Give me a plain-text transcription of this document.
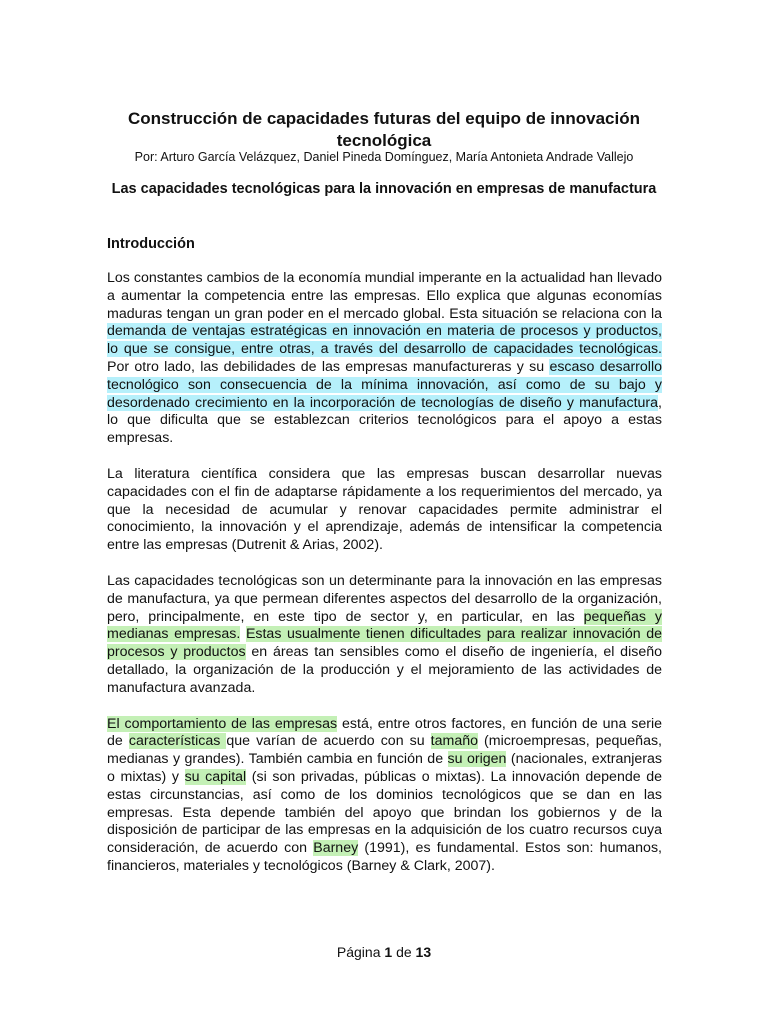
Construcción de capacidades futuras del equipo de innovación tecnológica

Por: Arturo García Velázquez, Daniel Pineda Domínguez, María Antonieta Andrade Vallejo

Las capacidades tecnológicas para la innovación en empresas de manufactura
Introducción

Los constantes cambios de la economía mundial imperante en la actualidad han llevado a aumentar la competencia entre las empresas. Ello explica que algunas economías maduras tengan un gran poder en el mercado global. Esta situación se relaciona con la demanda de ventajas estratégicas en innovación en materia de procesos y productos, lo que se consigue, entre otras, a través del desarrollo de capacidades tecnológicas. Por otro lado, las debilidades de las empresas manufactureras y su escaso desarrollo tecnológico son consecuencia de la mínima innovación, así como de su bajo y desordenado crecimiento en la incorporación de tecnologías de diseño y manufactura, lo que dificulta que se establezcan criterios tecnológicos para el apoyo a estas empresas.

La literatura científica considera que las empresas buscan desarrollar nuevas capacidades con el fin de adaptarse rápidamente a los requerimientos del mercado, ya que la necesidad de acumular y renovar capacidades permite administrar el conocimiento, la innovación y el aprendizaje, además de intensificar la competencia entre las empresas (Dutrenit & Arias, 2002).

Las capacidades tecnológicas son un determinante para la innovación en las empresas de manufactura, ya que permean diferentes aspectos del desarrollo de la organización, pero, principalmente, en este tipo de sector y, en particular, en las pequeñas y medianas empresas. Estas usualmente tienen dificultades para realizar innovación de procesos y productos en áreas tan sensibles como el diseño de ingeniería, el diseño detallado, la organización de la producción y el mejoramiento de las actividades de manufactura avanzada.

El comportamiento de las empresas está, entre otros factores, en función de una serie de características que varían de acuerdo con su tamaño (microempresas, pequeñas, medianas y grandes). También cambia en función de su origen (nacionales, extranjeras o mixtas) y su capital (si son privadas, públicas o mixtas). La innovación depende de estas circunstancias, así como de los dominios tecnológicos que se dan en las empresas. Esta depende también del apoyo que brindan los gobiernos y de la disposición de participar de las empresas en la adquisición de los cuatro recursos cuya consideración, de acuerdo con Barney (1991), es fundamental. Estos son: humanos, financieros, materiales y tecnológicos (Barney & Clark, 2007).

Página 1 de 13
